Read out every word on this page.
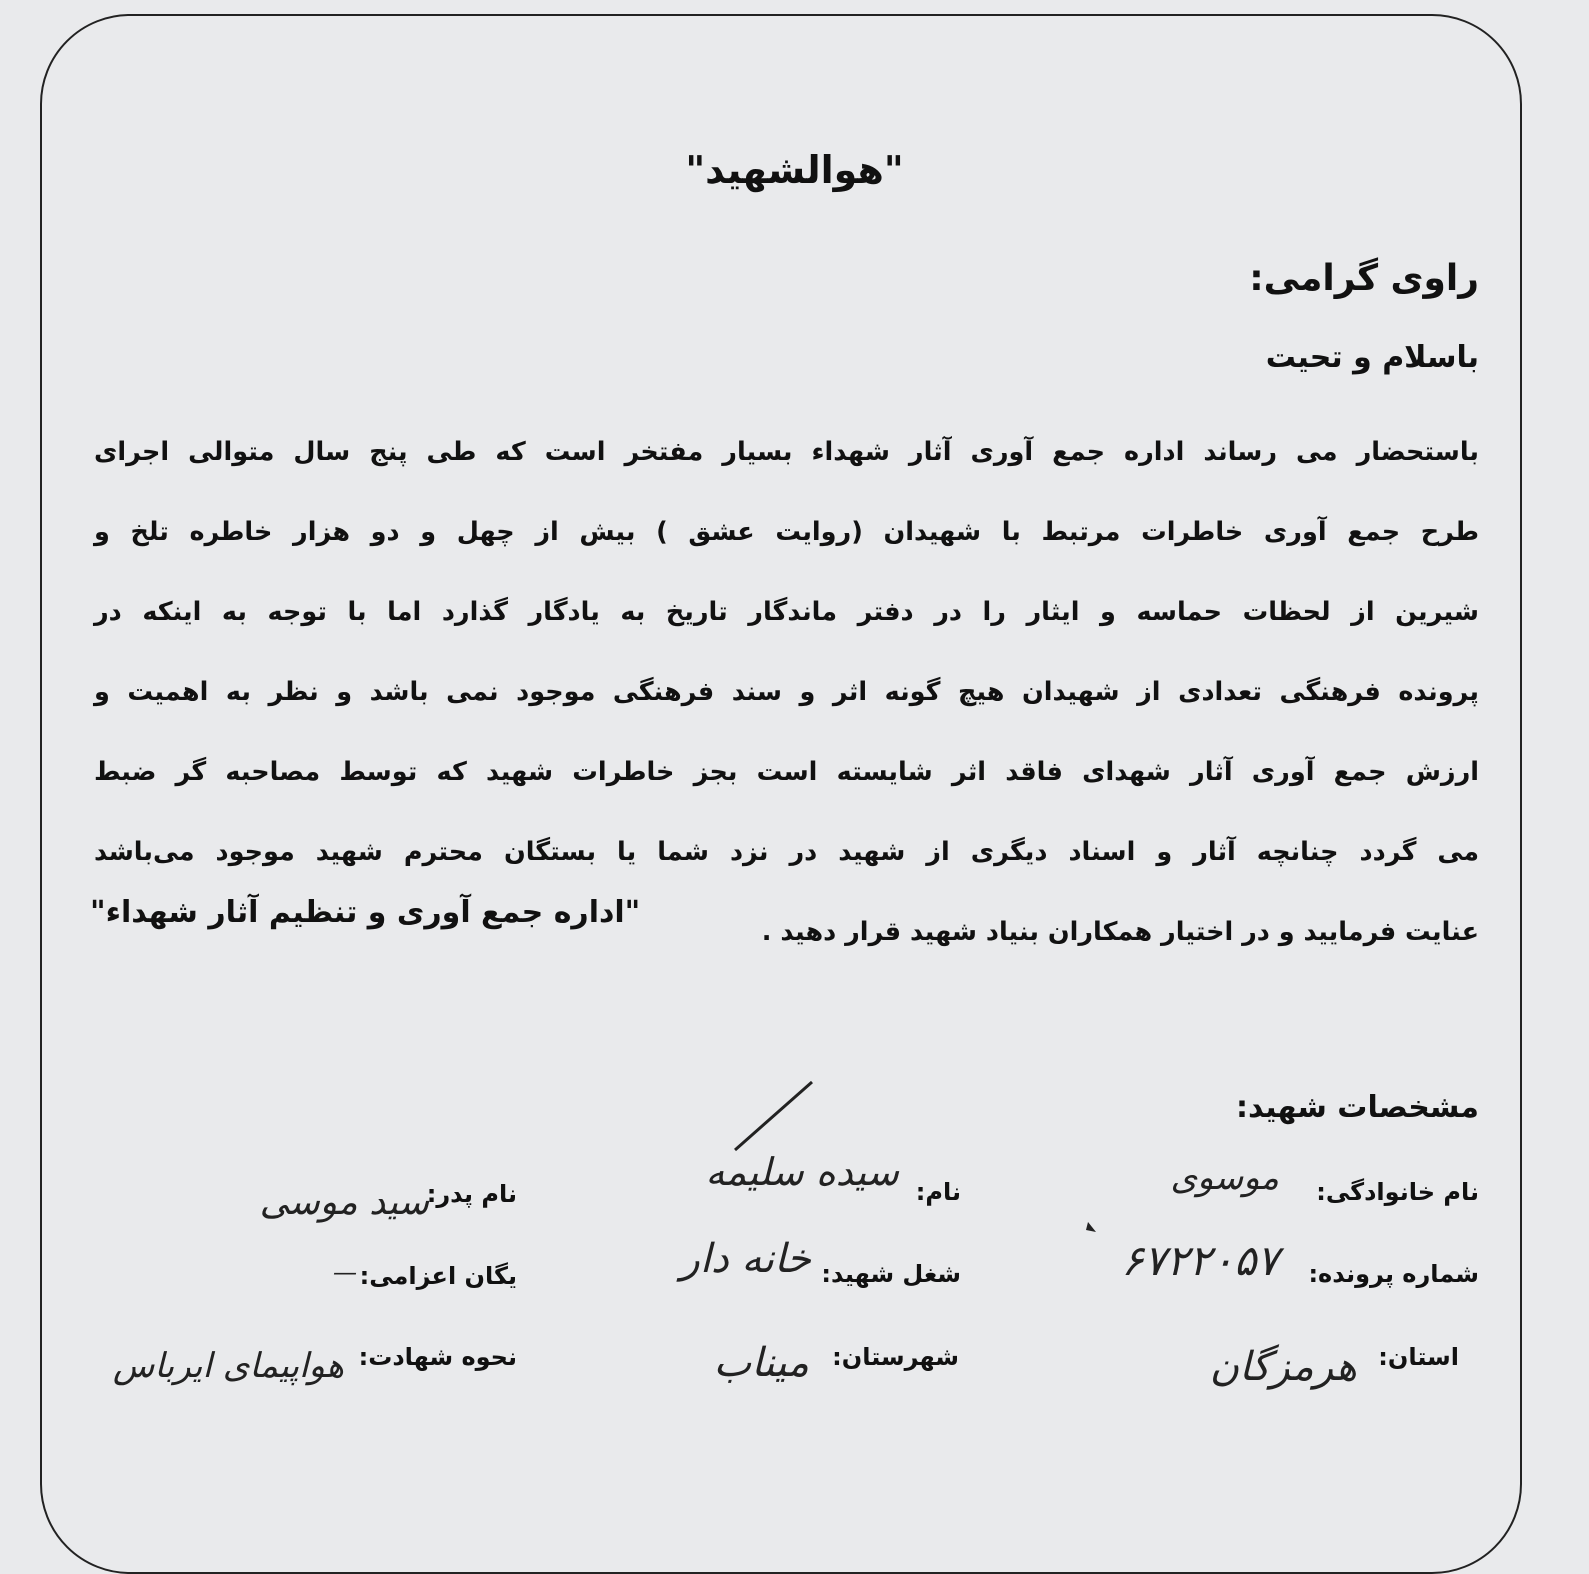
"هوالشهید"
راوی گرامی:
باسلام و تحیت
باستحضار می رساند اداره جمع آوری آثار شهداء بسیار مفتخر است که طی پنج سال متوالی اجرای
طرح جمع آوری خاطرات مرتبط با شهیدان (روایت عشق ) بیش از چهل و دو هزار خاطره تلخ و
شیرین از لحظات حماسه و ایثار را در دفتر ماندگار تاریخ به یادگار گذارد اما با توجه به اینکه در
پرونده فرهنگی تعدادی از شهیدان هیچ گونه اثر و سند فرهنگی موجود نمی باشد و نظر به اهمیت و
ارزش جمع آوری آثار شهدای فاقد اثر شایسته است بجز خاطرات شهید که توسط مصاحبه گر ضبط
می گردد چنانچه آثار و اسناد دیگری از شهید در نزد شما یا بستگان محترم شهید موجود می‌باشد
عنایت فرمایید و در اختیار همکاران بنیاد شهید قرار دهید .
"اداره جمع آوری و تنظیم آثار شهداء"
مشخصات شهید:
نام خانوادگی:
موسوی
نام:
سیده سلیمه
نام پدر:
سید موسی
شماره پرونده:
۶۷۲۲۰۵۷
شغل شهید:
خانه دار
یگان اعزامی:
—
استان:
هرمزگان
شهرستان:
میناب
نحوه شهادت:
هواپیمای ایرباس
